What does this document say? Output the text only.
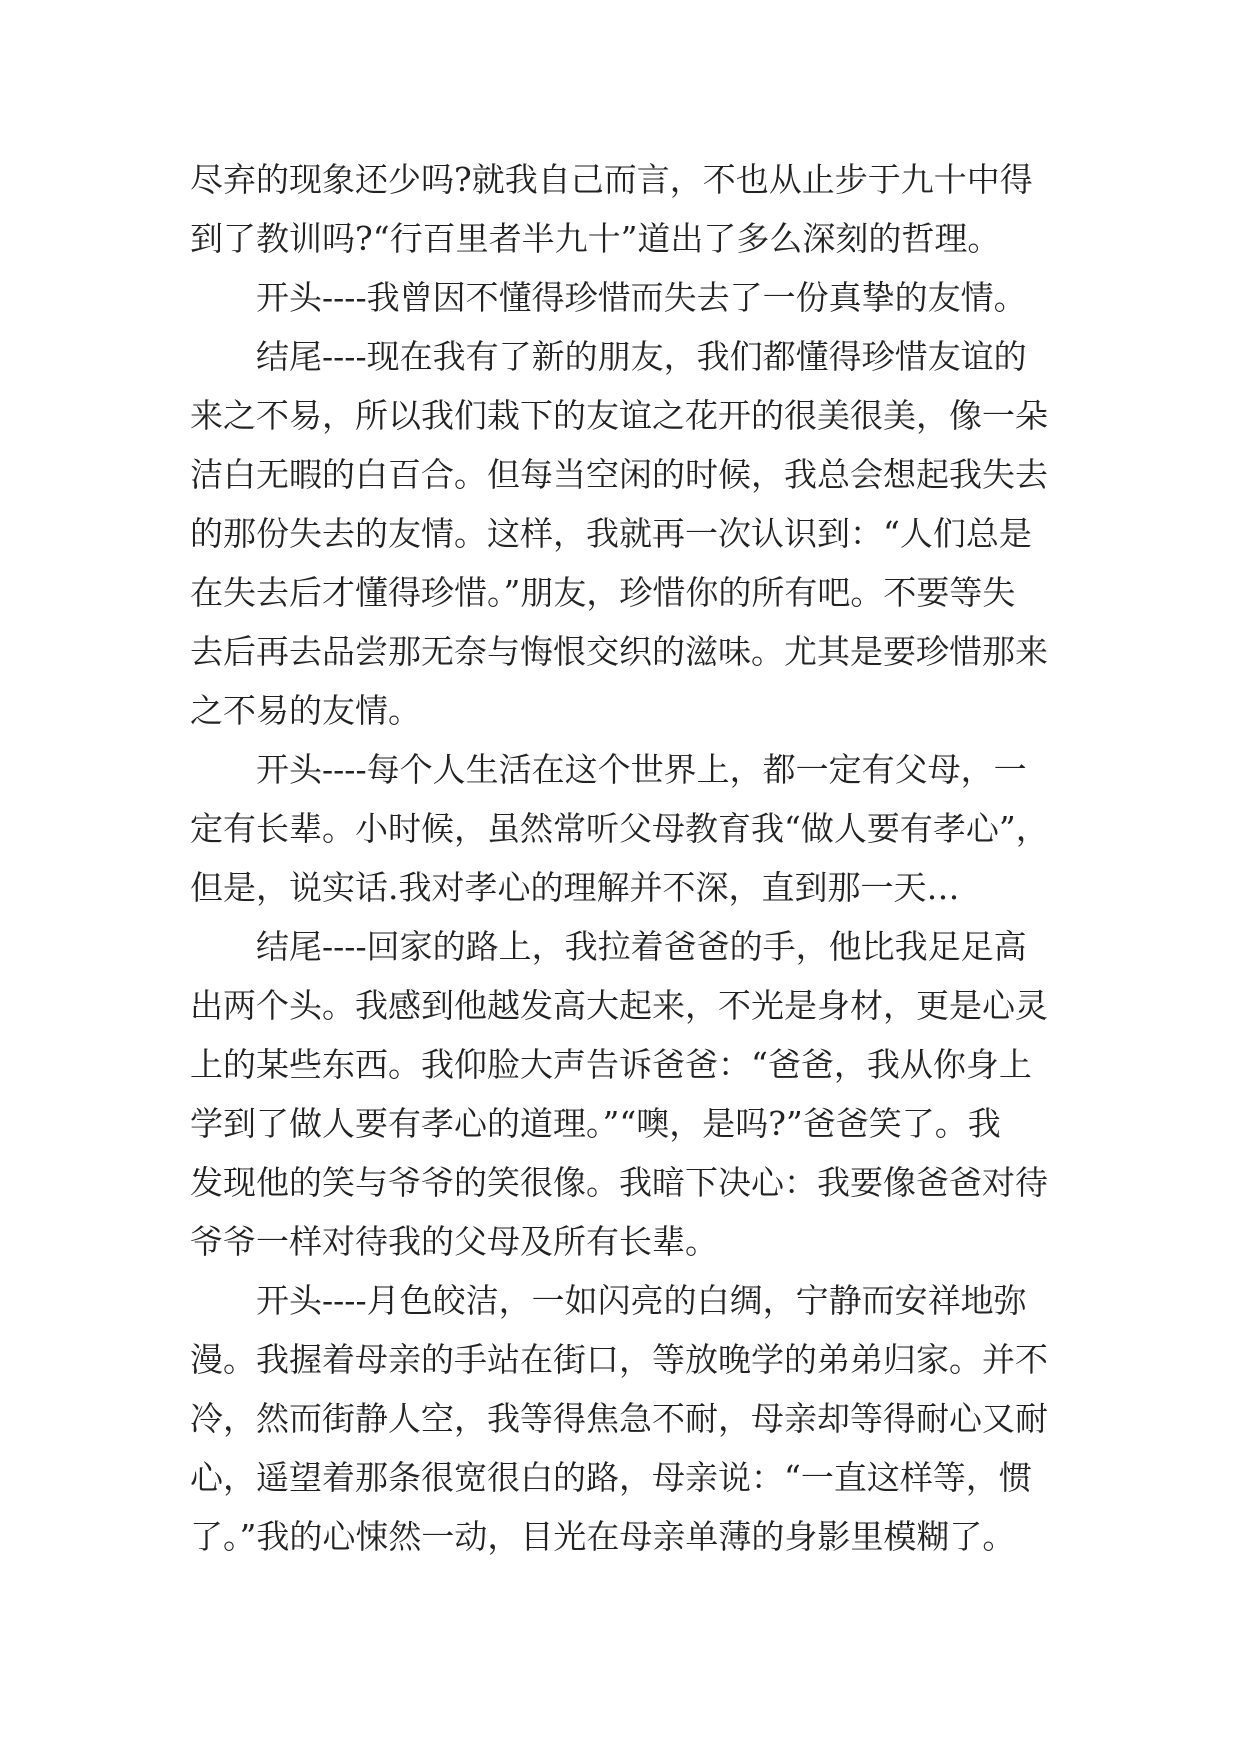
尽弃的现象还少吗?就我自己而言，不也从止步于九十中得
到了教训吗?“行百里者半九十”道出了多么深刻的哲理。
开头----我曾因不懂得珍惜而失去了一份真挚的友情。
结尾----现在我有了新的朋友，我们都懂得珍惜友谊的
来之不易，所以我们栽下的友谊之花开的很美很美，像一朵
洁白无暇的白百合。但每当空闲的时候，我总会想起我失去
的那份失去的友情。这样，我就再一次认识到：“人们总是
在失去后才懂得珍惜。”朋友，珍惜你的所有吧。不要等失
去后再去品尝那无奈与悔恨交织的滋味。尤其是要珍惜那来
之不易的友情。
开头----每个人生活在这个世界上，都一定有父母，一
定有长辈。小时候，虽然常听父母教育我“做人要有孝心”，
但是，说实话.我对孝心的理解并不深，直到那一天…
结尾----回家的路上，我拉着爸爸的手，他比我足足高
出两个头。我感到他越发高大起来，不光是身材，更是心灵
上的某些东西。我仰脸大声告诉爸爸：“爸爸，我从你身上
学到了做人要有孝心的道理。”“噢，是吗?”爸爸笑了。我
发现他的笑与爷爷的笑很像。我暗下决心：我要像爸爸对待
爷爷一样对待我的父母及所有长辈。
开头----月色皎洁，一如闪亮的白绸，宁静而安祥地弥
漫。我握着母亲的手站在街口，等放晚学的弟弟归家。并不
冷，然而街静人空，我等得焦急不耐，母亲却等得耐心又耐
心，遥望着那条很宽很白的路，母亲说：“一直这样等，惯
了。”我的心悚然一动，目光在母亲单薄的身影里模糊了。
